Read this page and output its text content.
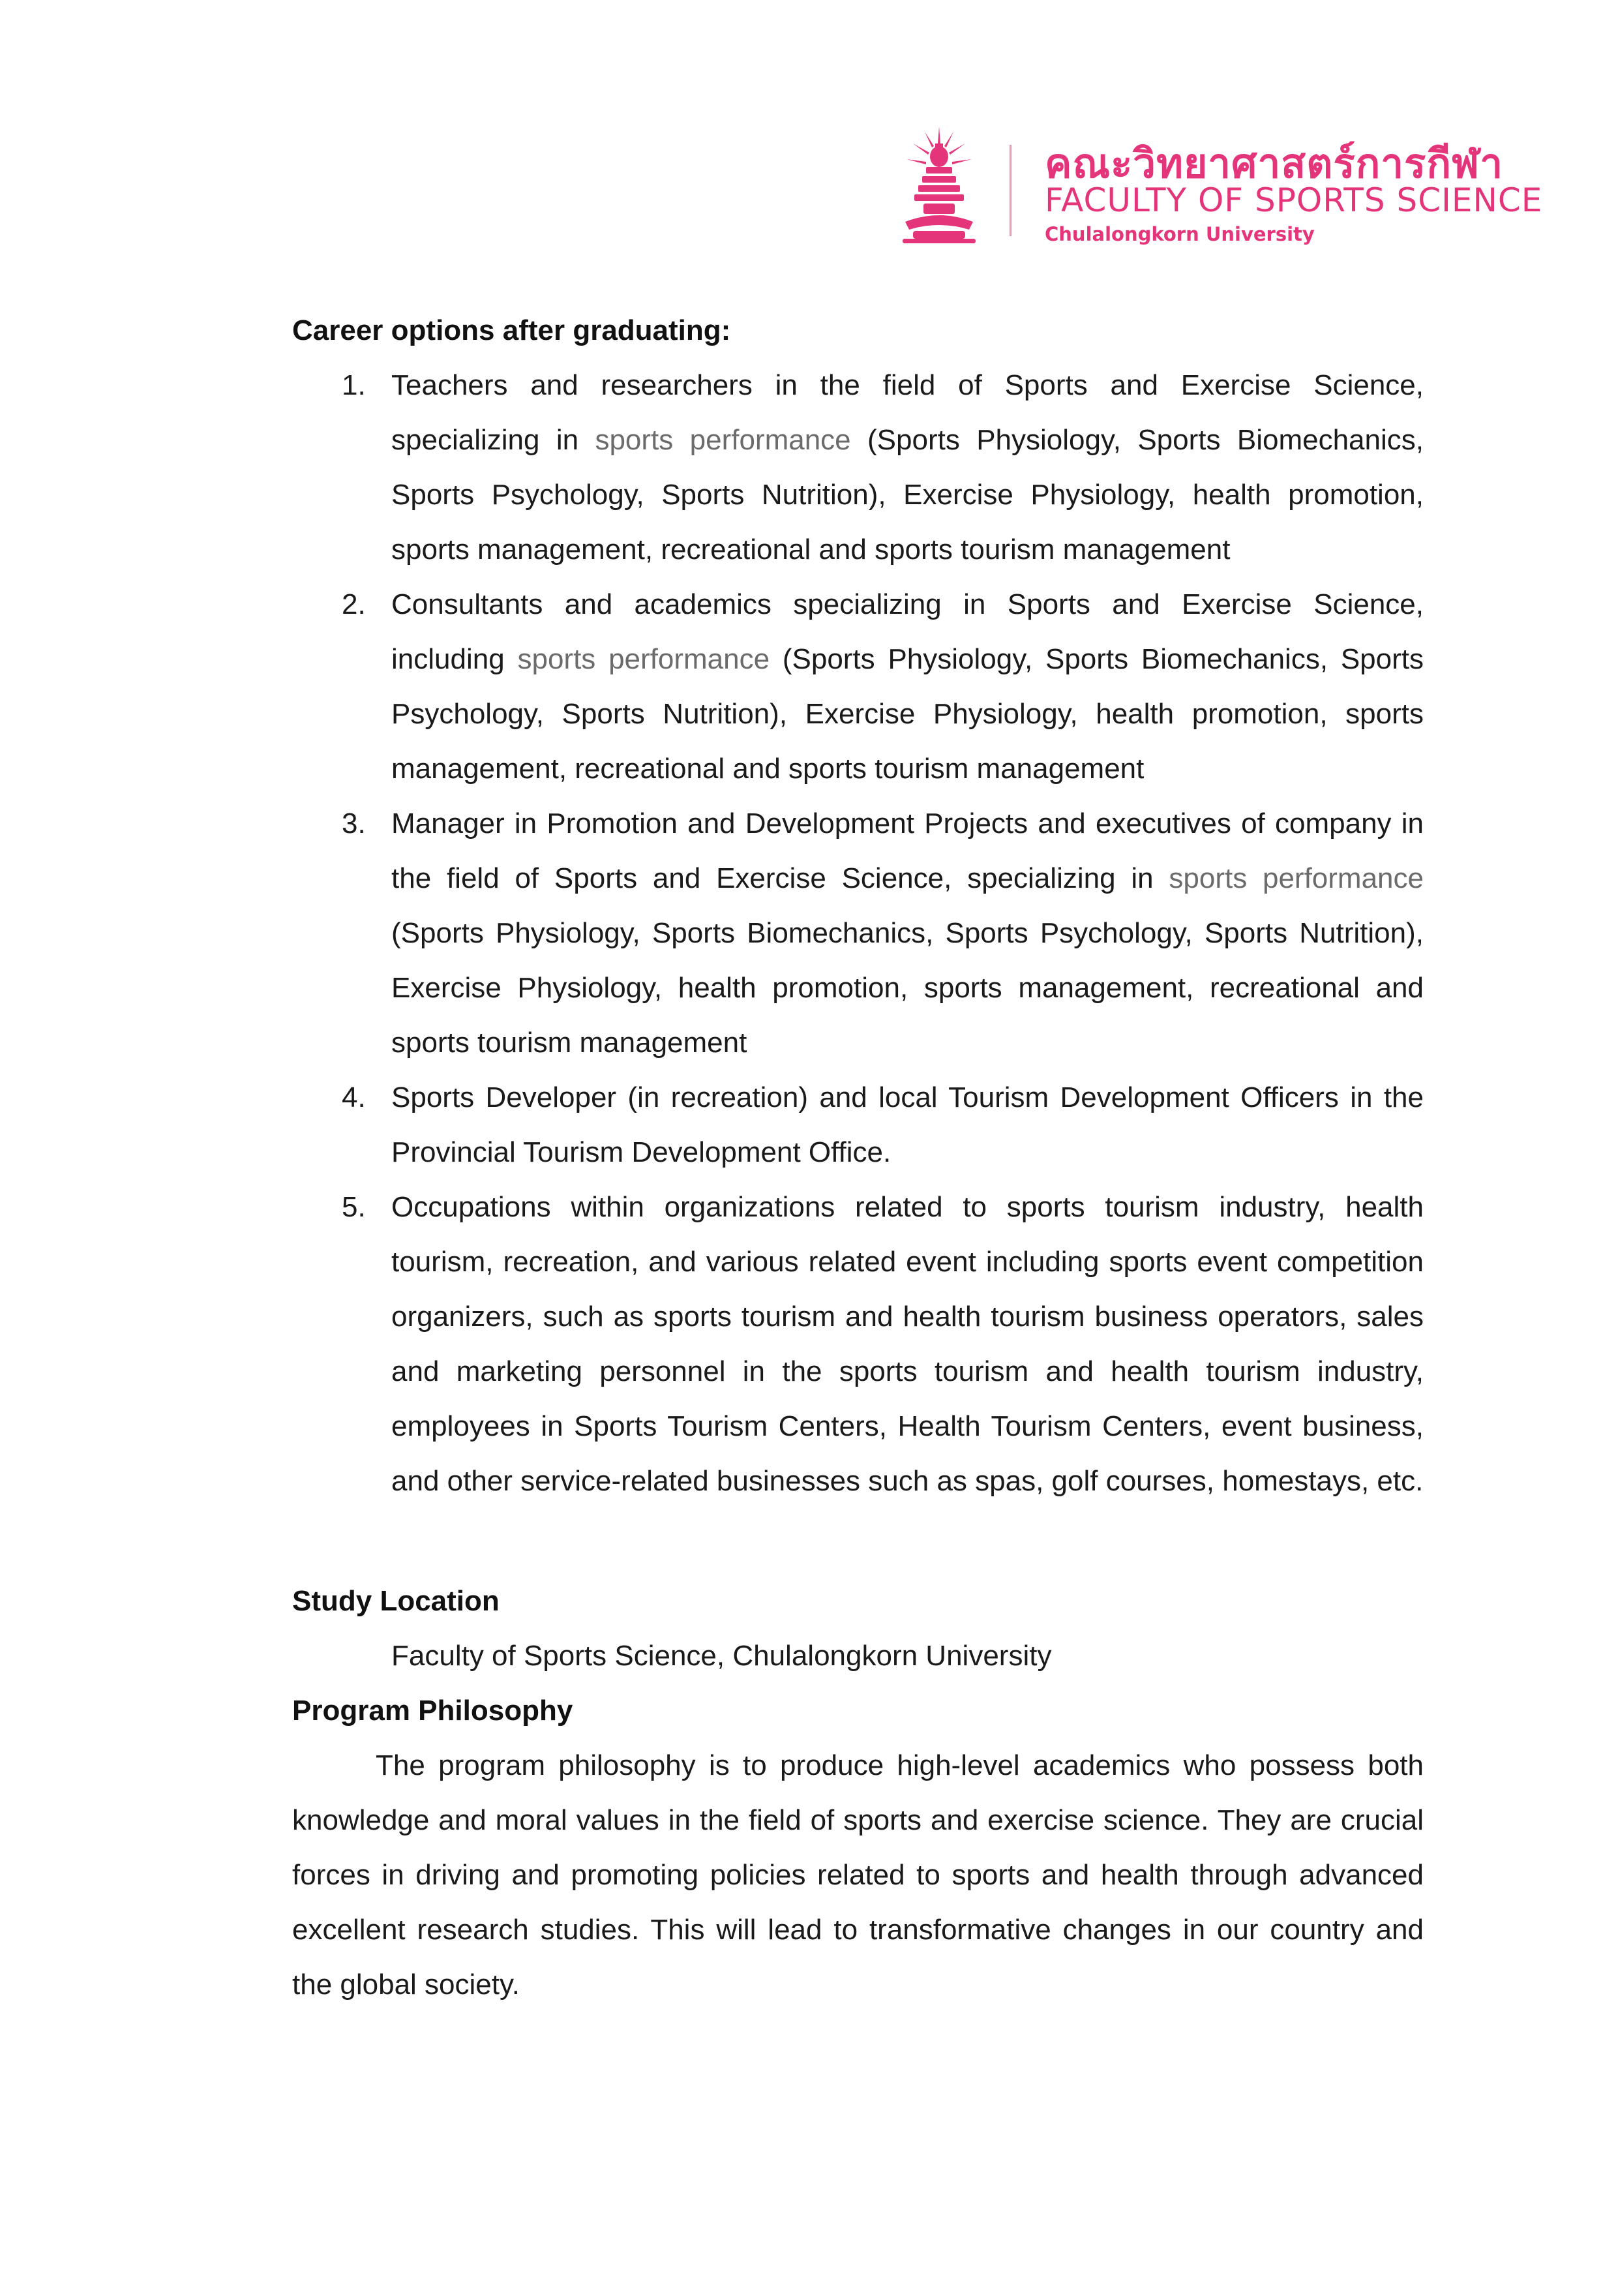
คณะวิทยาศาสตร์การกีฬา
FACULTY OF SPORTS SCIENCE
Chulalongkorn University
Career options after graduating:
1. Teachers and researchers in the field of Sports and Exercise Science, specializing in sports performance (Sports Physiology, Sports Biomechanics, Sports Psychology, Sports Nutrition), Exercise Physiology, health promotion, sports management, recreational and sports tourism management
2. Consultants and academics specializing in Sports and Exercise Science, including sports performance (Sports Physiology, Sports Biomechanics, Sports Psychology, Sports Nutrition), Exercise Physiology, health promotion, sports management, recreational and sports tourism management
3. Manager in Promotion and Development Projects and executives of company in the field of Sports and Exercise Science, specializing in sports performance (Sports Physiology, Sports Biomechanics, Sports Psychology, Sports Nutrition), Exercise Physiology, health promotion, sports management, recreational and sports tourism management
4. Sports Developer (in recreation) and local Tourism Development Officers in the Provincial Tourism Development Office.
5. Occupations within organizations related to sports tourism industry, health tourism, recreation, and various related event including sports event competition organizers, such as sports tourism and health tourism business operators, sales and marketing personnel in the sports tourism and health tourism industry, employees in Sports Tourism Centers, Health Tourism Centers, event business, and other service-related businesses such as spas, golf courses, homestays, etc.
Study Location
Faculty of Sports Science, Chulalongkorn University
Program Philosophy
The program philosophy is to produce high-level academics who possess both knowledge and moral values in the field of sports and exercise science. They are crucial forces in driving and promoting policies related to sports and health through advanced excellent research studies. This will lead to transformative changes in our country and the global society.
